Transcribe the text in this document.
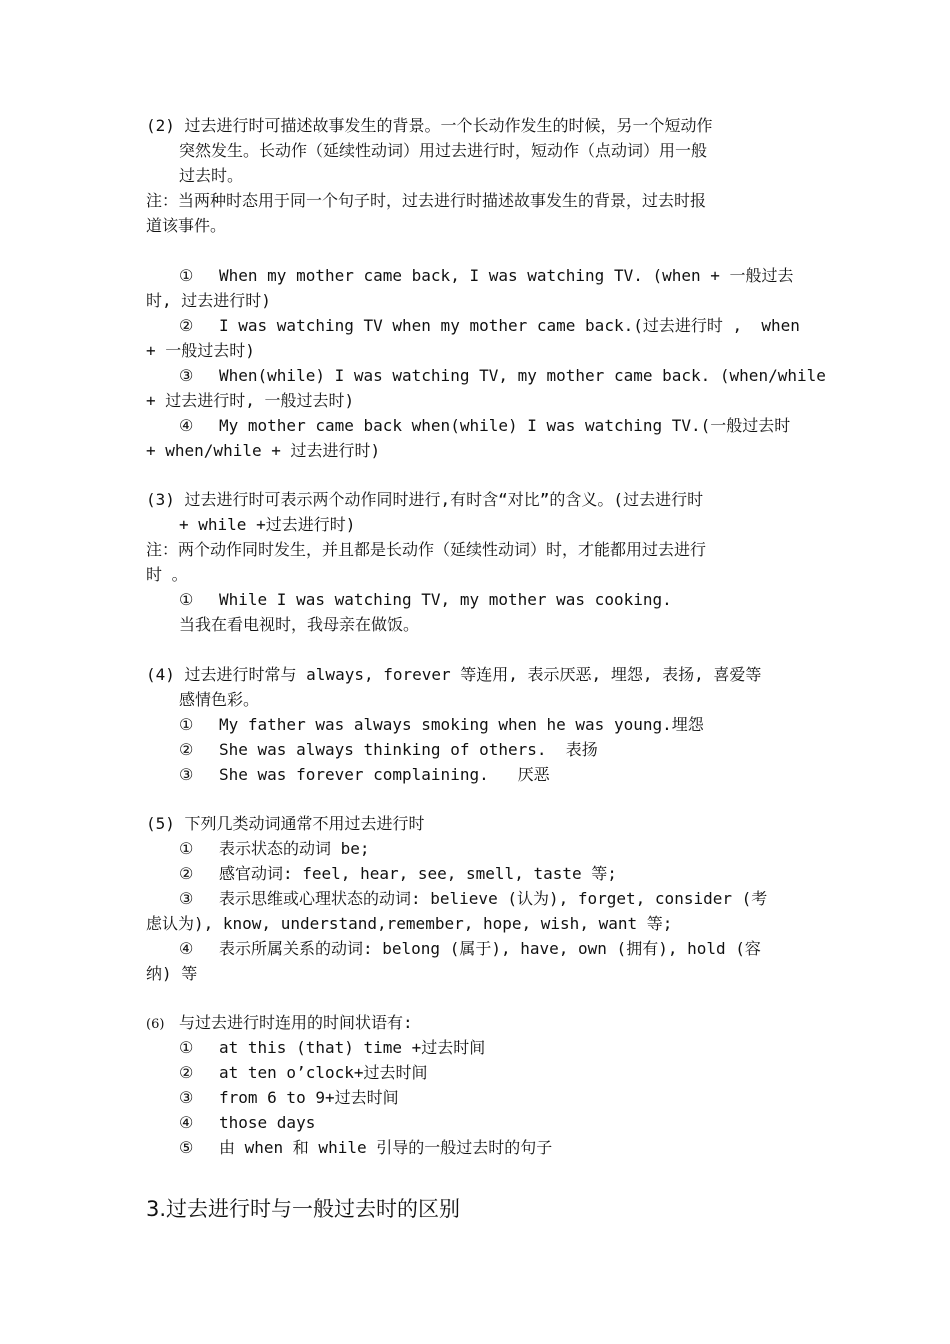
(2) 过去进行时可描述故事发生的背景。一个长动作发生的时候，另一个短动作
突然发生。长动作（延续性动词）用过去进行时，短动作（点动词）用一般
过去时。
注：当两种时态用于同一个句子时，过去进行时描述故事发生的背景，过去时报
道该事件。
① When my mother came back, I was watching TV. (when + 一般过去
时, 过去进行时)
② I was watching TV when my mother came back.(过去进行时 ,  when
+ 一般过去时)
③ When(while) I was watching TV, my mother came back. (when/while
+ 过去进行时, 一般过去时)
④ My mother came back when(while) I was watching TV.(一般过去时
+ when/while + 过去进行时)
(3) 过去进行时可表示两个动作同时进行,有时含“对比”的含义。(过去进行时
+ while +过去进行时)
注：两个动作同时发生，并且都是长动作（延续性动词）时，才能都用过去进行
时 。
① While I was watching TV, my mother was cooking.
当我在看电视时，我母亲在做饭。
(4) 过去进行时常与 always, forever 等连用, 表示厌恶, 埋怨, 表扬, 喜爱等
感情色彩。
① My father was always smoking when he was young.埋怨
② She was always thinking of others.  表扬
③ She was forever complaining.   厌恶
(5) 下列几类动词通常不用过去进行时
① 表示状态的动词 be;
② 感官动词: feel, hear, see, smell, taste 等;
③ 表示思维或心理状态的动词: believe (认为), forget, consider (考
虑认为), know, understand,remember, hope, wish, want 等;
④ 表示所属关系的动词: belong (属于), have, own (拥有), hold (容
纳) 等
(6) 与过去进行时连用的时间状语有:
① at this (that) time +过去时间
② at ten o’clock+过去时间
③ from 6 to 9+过去时间
④ those days
⑤ 由 when 和 while 引导的一般过去时的句子
3.过去进行时与一般过去时的区别
